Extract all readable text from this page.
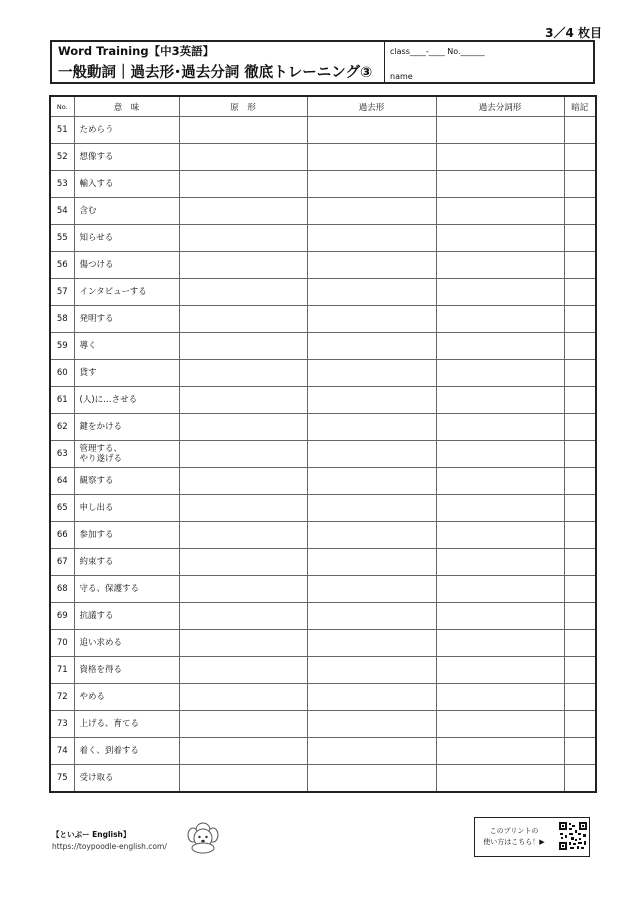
3／4 枚目
Word Training【中3英語】
一般動詞｜過去形･過去分詞 徹底トレーニング③
class____-____ No.______
name
No.	意　味	原　形	過去形	過去分詞形	暗記
51	ためらう				
52	想像する				
53	輸入する				
54	含む				
55	知らせる				
56	傷つける				
57	インタビューする				
58	発明する				
59	導く				
60	貸す				
61	(人)に…させる				
62	鍵をかける				
63	管理する、
やり遂げる				
64	観察する				
65	申し出る				
66	参加する				
67	約束する				
68	守る、保護する				
69	抗議する				
70	追い求める				
71	資格を得る				
72	やめる				
73	上げる、育てる				
74	着く、到着する				
75	受け取る				
【といぷー English】
https://toypoodle-english.com/
このプリントの
使い方はこちら！▶
